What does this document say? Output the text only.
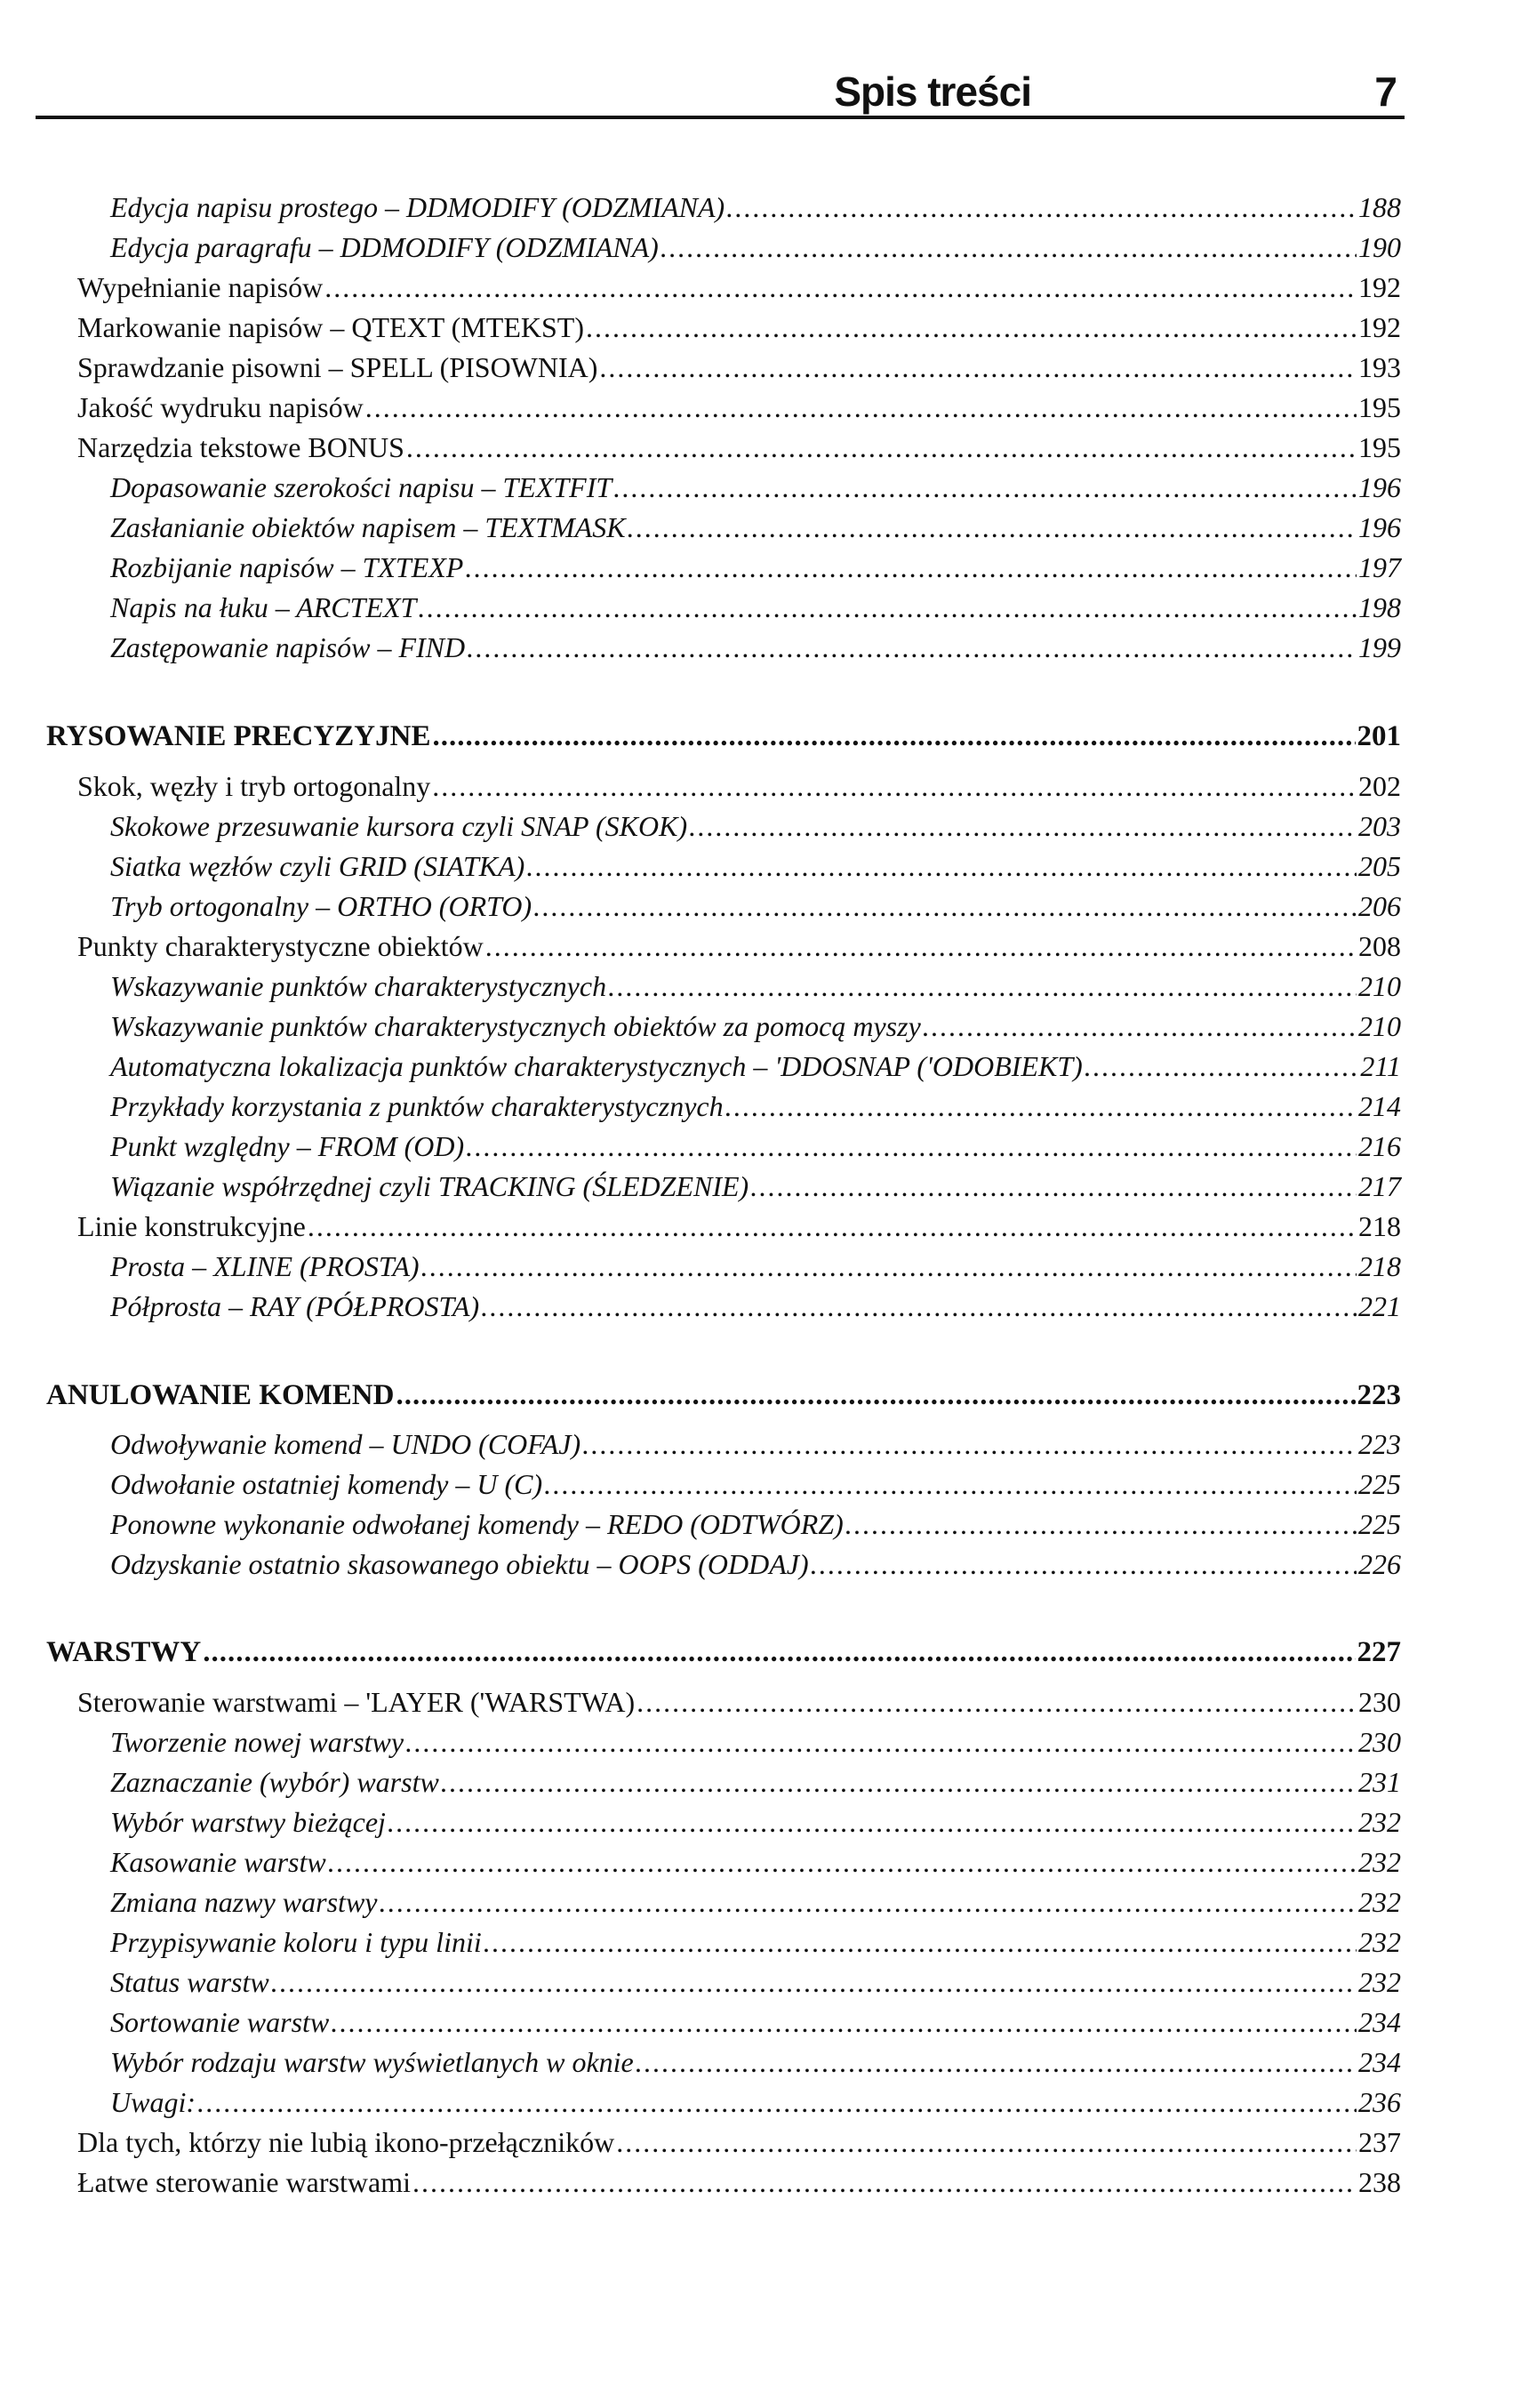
Spis treści	7
Edycja napisu prostego – DDMODIFY (ODZMIANA) .....	188
Edycja paragrafu – DDMODIFY (ODZMIANA) .....	190
Wypełnianie napisów .....	192
Markowanie napisów – QTEXT (MTEKST) .....	192
Sprawdzanie pisowni – SPELL (PISOWNIA) .....	193
Jakość wydruku napisów .....	195
Narzędzia tekstowe BONUS .....	195
Dopasowanie szerokości napisu – TEXTFIT .....	196
Zasłanianie obiektów napisem – TEXTMASK .....	196
Rozbijanie napisów – TXTEXP .....	197
Napis na łuku – ARCTEXT .....	198
Zastępowanie napisów – FIND .....	199
RYSOWANIE PRECYZYJNE .....	201
Skok, węzły i tryb ortogonalny .....	202
Skokowe przesuwanie kursora czyli SNAP (SKOK) .....	203
Siatka węzłów czyli GRID (SIATKA) .....	205
Tryb ortogonalny – ORTHO (ORTO) .....	206
Punkty charakterystyczne obiektów .....	208
Wskazywanie punktów charakterystycznych .....	210
Wskazywanie punktów charakterystycznych obiektów za pomocą myszy .....	210
Automatyczna lokalizacja punktów charakterystycznych – 'DDOSNAP ('ODOBIEKT) .....	211
Przykłady korzystania z punktów charakterystycznych .....	214
Punkt względny – FROM (OD) .....	216
Wiązanie współrzędnej czyli TRACKING (ŚLEDZENIE) .....	217
Linie konstrukcyjne .....	218
Prosta – XLINE (PROSTA) .....	218
Półprosta – RAY (PÓŁPROSTA) .....	221
ANULOWANIE KOMEND .....	223
Odwoływanie komend – UNDO (COFAJ) .....	223
Odwołanie ostatniej komendy – U (C) .....	225
Ponowne wykonanie odwołanej komendy – REDO (ODTWÓRZ) .....	225
Odzyskanie ostatnio skasowanego obiektu – OOPS (ODDAJ) .....	226
WARSTWY .....	227
Sterowanie warstwami – 'LAYER ('WARSTWA) .....	230
Tworzenie nowej warstwy .....	230
Zaznaczanie (wybór) warstw .....	231
Wybór warstwy bieżącej .....	232
Kasowanie warstw .....	232
Zmiana nazwy warstwy .....	232
Przypisywanie koloru i typu linii .....	232
Status warstw .....	232
Sortowanie warstw .....	234
Wybór rodzaju warstw wyświetlanych w oknie .....	234
Uwagi: .....	236
Dla tych, którzy nie lubią ikono-przełączników .....	237
Łatwe sterowanie warstwami .....	238
